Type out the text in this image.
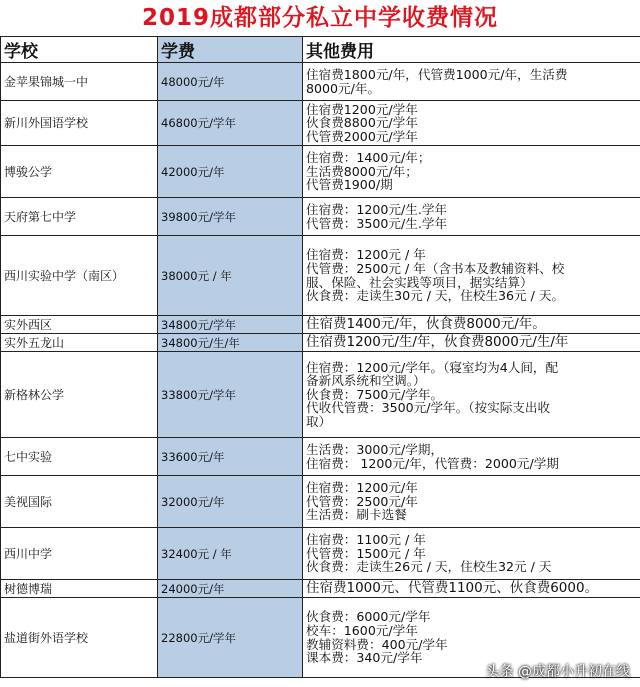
2019成都部分私立中学收费情况
学校	学费	其他费用
金苹果锦城一中	48000元/年	住宿费1800元/年，代管费1000元/年，生活费
8000元/年。

新川外国语学校	46800元/学年	住宿费1200元/学年
伙食费8800元/学年
代管费2000元/学年

博骏公学	42000元/年	住宿费：1400元/年；
生活费8000元/年；
代管费1900/期

天府第七中学	39800元/学年	住宿费：1200元/生.学年
代管费：3500元/生.学年

西川实验中学（南区）	38000元 / 年	住宿费：1200元 / 年
代管费：2500元 / 年（含书本及教辅资料、校
服、保险、社会实践等项目，据实结算）
伙食费：走读生30元 / 天，住校生36元 / 天。

实外西区	34800元/学年	住宿费1400元/年，伙食费8000元/年。

实外五龙山	34800元/生/年	住宿费1200元/生/年，伙食费8000元/生/年

新格林公学	33800元/学年	住宿费：1200元/学年。（寝室均为4人间，配
备新风系统和空调。）
伙食费：7500元/学年。
代收代管费：3500元/学年。（按实际支出收
取）

七中实验	33600元/年	生活费：3000元/学期，
住宿费： 1200元/年，代管费：2000元/学期

美视国际	32000元/年	住宿费：1200元/年
代管费：2500元/年
生活费：刷卡选餐

西川中学	32400元 / 年	住宿费：1100元 / 年
代管费：1500元 / 年
伙食费：走读生26元 / 天，住校生32元 / 天

树德博瑞	24000元/年	住宿费1000元、代管费1100元、伙食费6000。

盐道街外语学校	22800元/学年	伙食费：6000元/学年
校车：1600元/学年
教辅资料费：400元/学年
课本费：340元/学年
头条 @成都小升初在线
